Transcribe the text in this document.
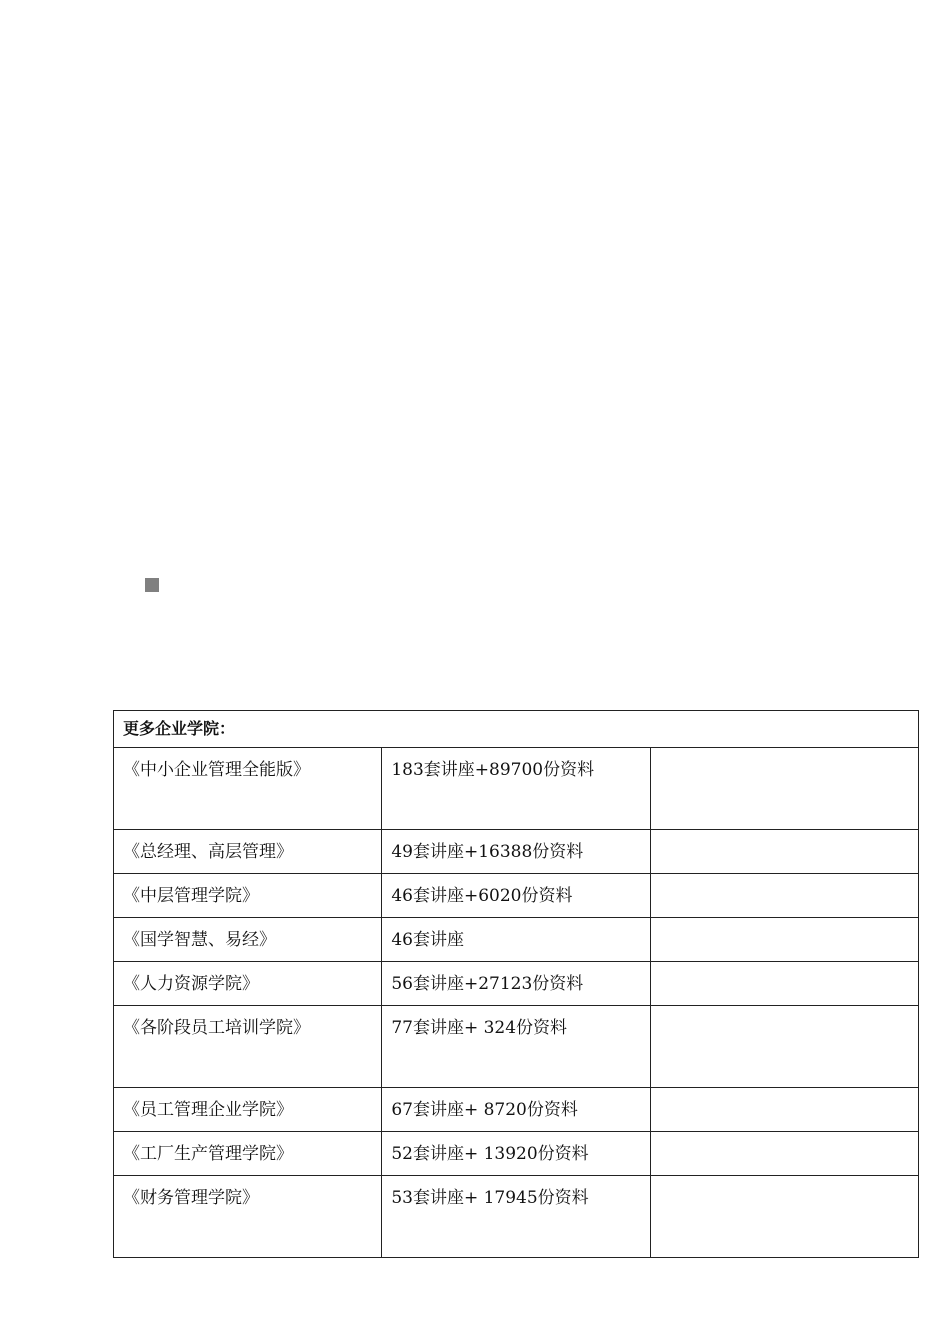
更多企业学院：		
《中小企业管理全能版》	183套讲座+89700份资料	
《总经理、高层管理》	49套讲座+16388份资料	
《中层管理学院》	46套讲座+6020份资料	
《国学智慧、易经》	46套讲座	
《人力资源学院》	56套讲座+27123份资料	
《各阶段员工培训学院》	77套讲座+ 324份资料	
《员工管理企业学院》	67套讲座+ 8720份资料	
《工厂生产管理学院》	52套讲座+ 13920份资料	
《财务管理学院》	53套讲座+ 17945份资料	
